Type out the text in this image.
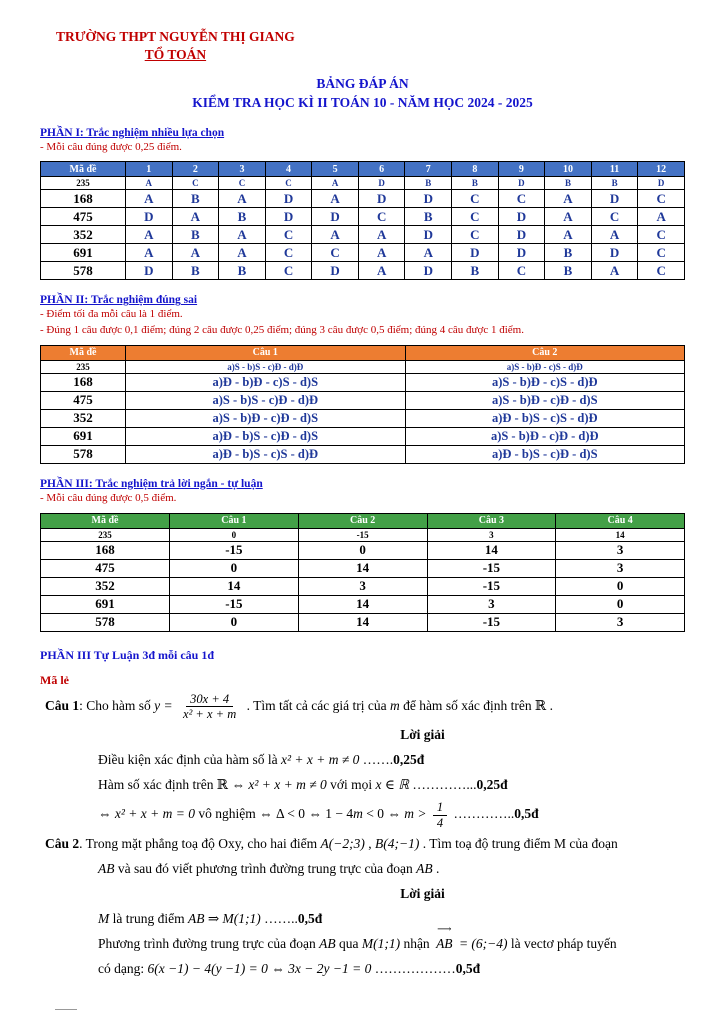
TRƯỜNG THPT NGUYỄN THỊ GIANG
TỔ TOÁN
BẢNG ĐÁP ÁN
KIỂM TRA HỌC KÌ II TOÁN 10 - NĂM HỌC 2024 - 2025
PHẦN I: Trắc nghiệm nhiều lựa chọn
- Mỗi câu đúng được 0,25 điểm.
Mã đề	1	2	3	4	5	6	7	8	9	10	11	12
235	A	C	C	C	A	D	B	B	D	B	B	D
168	A	B	A	D	A	D	D	C	C	A	D	C
475	D	A	B	D	D	C	B	C	D	A	C	A
352	A	B	A	C	A	A	D	C	D	A	A	C
691	A	A	A	C	C	A	A	D	D	B	D	C
578	D	B	B	C	D	A	D	B	C	B	A	C
PHẦN II: Trắc nghiệm đúng sai
- Điểm tối đa mỗi câu là 1 điểm.
- Đúng 1 câu được 0,1 điểm; đúng 2 câu được 0,25 điểm; đúng 3 câu được 0,5 điểm; đúng 4 câu được 1 điểm.
Mã đề	Câu 1	Câu 2
235	a)S - b)S - c)Đ - d)Đ	a)S - b)Đ - c)S - d)Đ
168	a)Đ - b)Đ - c)S - d)S	a)S - b)Đ - c)S - d)Đ
475	a)S - b)S - c)Đ - d)Đ	a)S - b)Đ - c)Đ - d)S
352	a)S - b)Đ - c)Đ - d)S	a)Đ - b)S - c)S - d)Đ
691	a)Đ - b)S - c)Đ - d)S	a)S - b)Đ - c)Đ - d)Đ
578	a)Đ - b)S - c)S - d)Đ	a)Đ - b)S - c)Đ - d)S
PHẦN III: Trắc nghiệm trả lời ngắn - tự luận
- Mỗi câu đúng được 0,5 điểm.
Mã đề	Câu 1	Câu 2	Câu 3	Câu 4
235	0	-15	3	14
168	-15	0	14	3
475	0	14	-15	3
352	14	3	-15	0
691	-15	14	3	0
578	0	14	-15	3
PHẦN III Tự Luận 3đ mỗi câu 1đ
Mã lẻ
Câu 1: Cho hàm số $y = \frac{30x + 4}{\text{x² + x + m}}$ . Tìm tất cả các giá trị của m để hàm số xác định trên ℝ .
Lời giải
Điều kiện xác định của hàm số là x² + x + m ≠ 0 …….0,25đ
Hàm số xác định trên ℝ ⇔ x² + x + m ≠ 0 với mọi x ∈ ℝ …………...0,25đ
⇔ x² + x + m = 0 vô nghiệm ⇔ Δ < 0 ⇔ 1 − 4m < 0 ⇔ $m > \frac{1}{4}$ …………..0,5đ
Câu 2. Trong mặt phẳng toạ độ Oxy, cho hai điểm A(−2;3) , B(4;−1) . Tìm toạ độ trung điểm M của đoạn
AB và sau đó viết phương trình đường trung trực của đoạn AB .
Lời giải
M là trung điểm AB ⇒ M(1;1) ……..0,5đ
Phương trình đường trung trực của đoạn AB qua M(1;1) nhận
⟶
AB = (6;−4) là vectơ pháp tuyến
có dạng: 6(x −1) − 4(y −1) = 0 ⇔ 3x − 2y −1 = 0 ………………0,5đ
